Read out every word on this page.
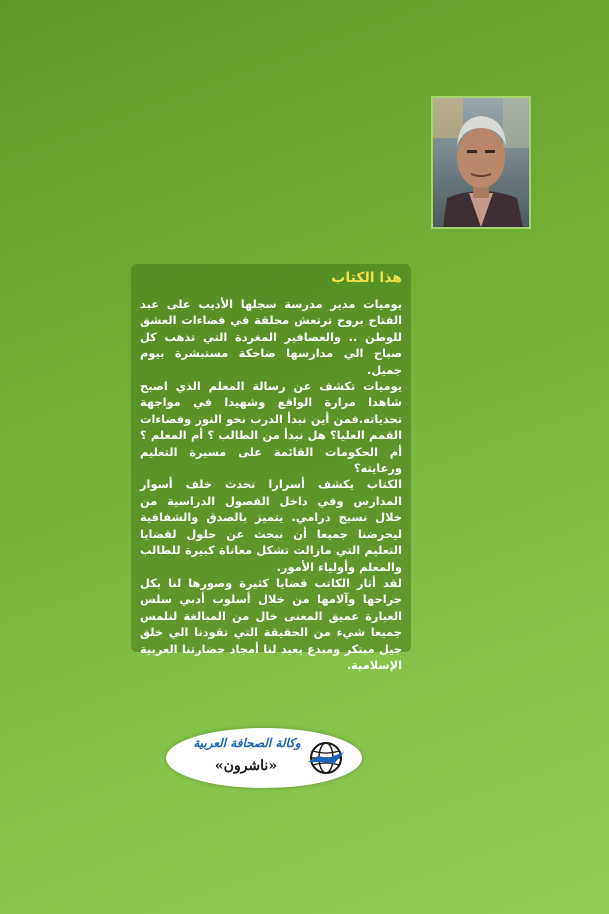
هذا الكتاب

يوميات مدير مدرسة سجلها الأديب على عبد الفتاح بروح ترتعش محلقة في فضاءات العشق للوطن .. والعصافير المغردة التي تذهب كل صباح الي مدارسها ضاحكة مستبشرة بيوم جميل.

يوميات تكشف عن رسالة المعلم الذي اصبح شاهدا مرارة الواقع وشهيدا في مواجهة تحدياته.فمن أين نبدأ الدرب نحو النور وفضاءات القمم العليا؟ هل نبدأ من الطالب ؟ أم المعلم ؟ أم الحكومات القائمة على مسيرة التعليم ورعايته؟

الكتاب يكشف أسرارا تحدث خلف أسوار المدارس وفي داخل الفصول الدراسية من خلال نسيج درامي. يتميز بالصدق والشفافية ليحرضنا جميعا أن نبحث عن حلول لقضايا التعليم التي مازالت تشكل معاناة كبيرة للطالب والمعلم وأولياء الأمور.

لقد أثار الكاتب قضايا كثيرة وصورها لنا بكل جراحها وآلامها من خلال أسلوب أدبي سلس العبارة عميق المعنى خال من المبالغة لنلمس جميعا شيء من الحقيقة التي تقودنا الي خلق جيل مبتكر ومبدع يعيد لنا أمجاد حضارتنا العربية الإسلامية.

وكالة الصحافة العربية
«ناشرون»
